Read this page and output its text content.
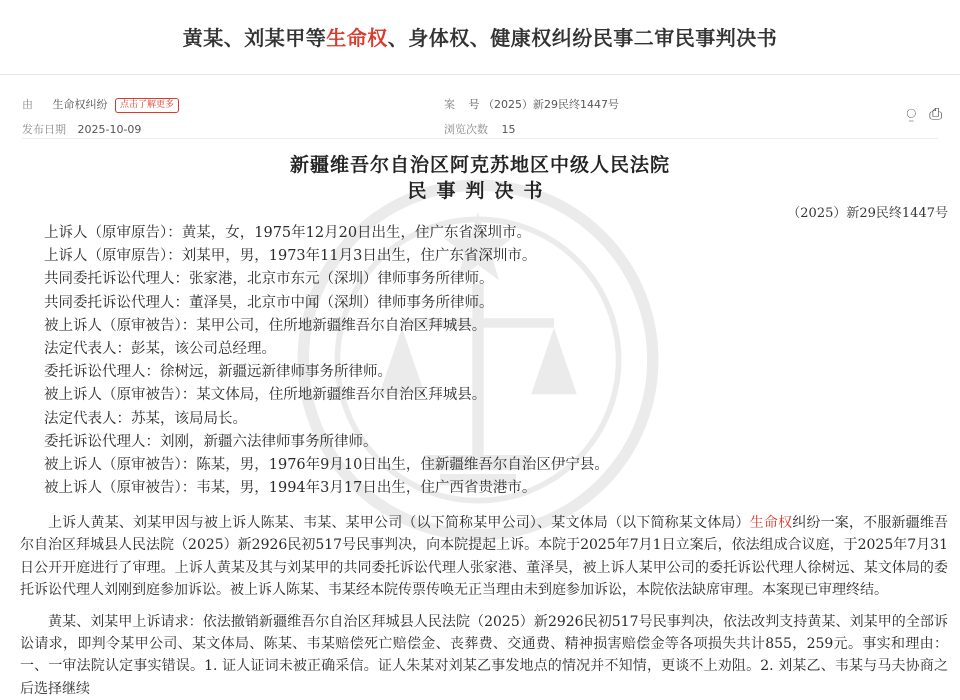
黄某、刘某甲等生命权、身体权、健康权纠纷民事二审民事判决书
由 生命权纠纷 点击了解更多	案 号 （2025）新29民终1447号
发布日期 2025-10-09	浏览次数 15
⍜ ⎙
新疆维吾尔自治区阿克苏地区中级人民法院
民事判决书
（2025）新29民终1447号
上诉人（原审原告）：黄某，女，1975年12月20日出生，住广东省深圳市。
上诉人（原审原告）：刘某甲，男，1973年11月3日出生，住广东省深圳市。
共同委托诉讼代理人：张家港，北京市东元（深圳）律师事务所律师。
共同委托诉讼代理人：董泽昊，北京市中闻（深圳）律师事务所律师。
被上诉人（原审被告）：某甲公司，住所地新疆维吾尔自治区拜城县。
法定代表人：彭某，该公司总经理。
委托诉讼代理人：徐树远，新疆远新律师事务所律师。
被上诉人（原审被告）：某文体局，住所地新疆维吾尔自治区拜城县。
法定代表人：苏某，该局局长。
委托诉讼代理人：刘刚，新疆六法律师事务所律师。
被上诉人（原审被告）：陈某，男，1976年9月10日出生，住新疆维吾尔自治区伊宁县。
被上诉人（原审被告）：韦某，男，1994年3月17日出生，住广西省贵港市。

上诉人黄某、刘某甲因与被上诉人陈某、韦某、某甲公司（以下简称某甲公司）、某文体局（以下简称某文体局）生命权纠纷一案，不服新疆维吾尔自治区拜城县人民法院（2025）新2926民初517号民事判决，向本院提起上诉。本院于2025年7月1日立案后，依法组成合议庭，于2025年7月31日公开开庭进行了审理。上诉人黄某及其与刘某甲的共同委托诉讼代理人张家港、董泽昊，被上诉人某甲公司的委托诉讼代理人徐树远、某文体局的委托诉讼代理人刘刚到庭参加诉讼。被上诉人陈某、韦某经本院传票传唤无正当理由未到庭参加诉讼，本院依法缺席审理。本案现已审理终结。

黄某、刘某甲上诉请求：依法撤销新疆维吾尔自治区拜城县人民法院（2025）新2926民初517号民事判决，依法改判支持黄某、刘某甲的全部诉讼请求，即判令某甲公司、某文体局、陈某、韦某赔偿死亡赔偿金、丧葬费、交通费、精神损害赔偿金等各项损失共计855，259元。事实和理由：一、一审法院认定事实错误。1. 证人证词未被正确采信。证人朱某对刘某乙事发地点的情况并不知情，更谈不上劝阻。2. 刘某乙、韦某与马夫协商之后选择继续
